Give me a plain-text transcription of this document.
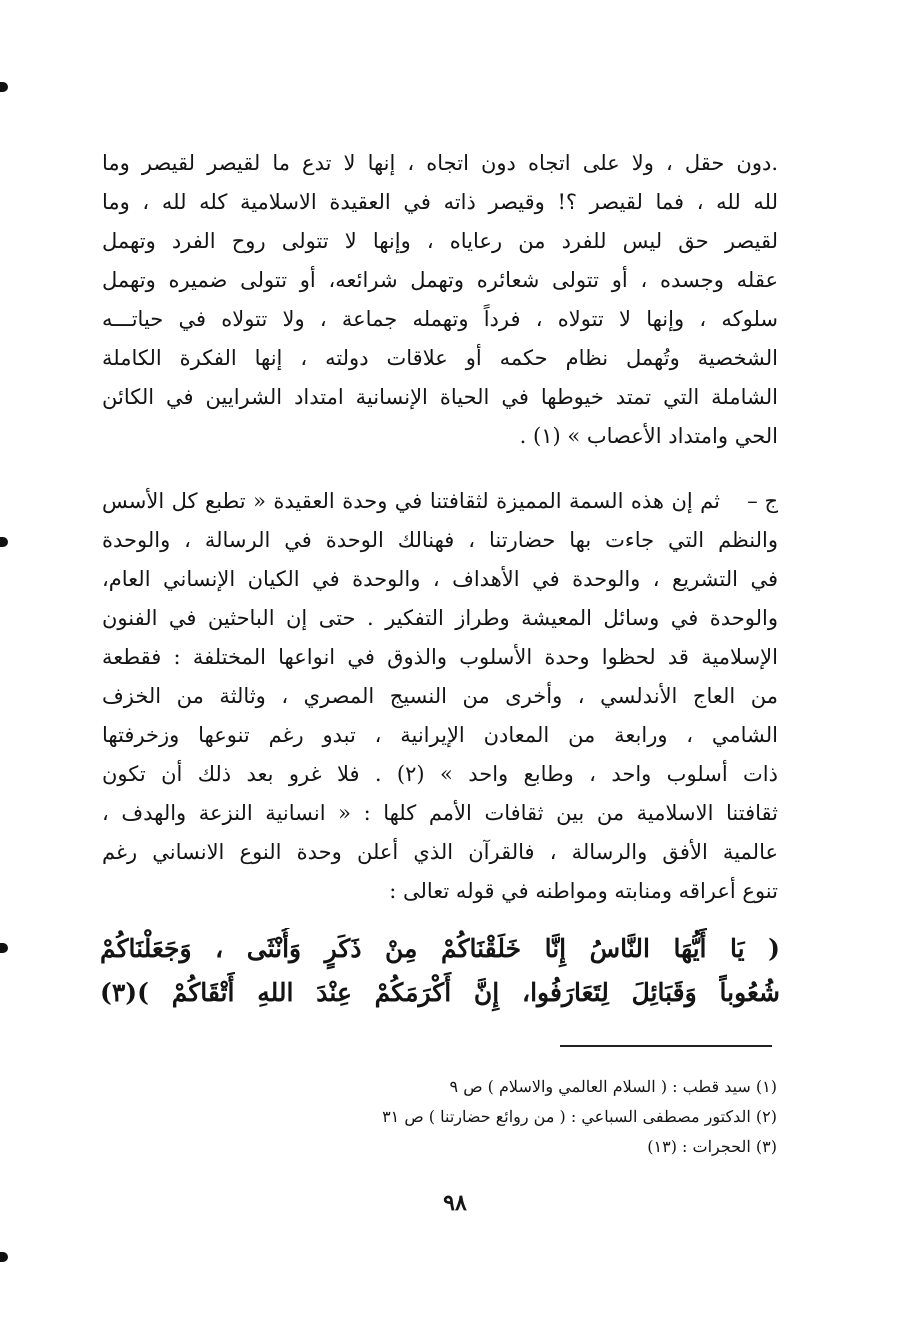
.دون حقل ، ولا على اتجاه دون اتجاه ، إنها لا تدع ما لقيصر لقيصر وما
لله لله ، فما لقيصر ؟! وقيصر ذاته في العقيدة الاسلامية كله لله ، وما
لقيصر حق ليس للفرد من رعاياه ، وإنها لا تتولى روح الفرد وتهمل
عقله وجسده ، أو تتولى شعائره وتهمل شرائعه، أو تتولى ضميره وتهمل
سلوكه ، وإنها لا تتولاه ، فرداً وتهمله جماعة ، ولا تتولاه في حياتـــه
الشخصية وتُهمل نظام حكمه أو علاقات دولته ، إنها الفكرة الكاملة
الشاملة التي تمتد خيوطها في الحياة الإنسانية امتداد الشرايين في الكائن
الحي وامتداد الأعصاب » (١) .
ج –
ثم إن هذه السمة المميزة لثقافتنا في وحدة العقيدة « تطبع كل الأسس
والنظم التي جاءت بها حضارتنا ، فهنالك الوحدة في الرسالة ، والوحدة
في التشريع ، والوحدة في الأهداف ، والوحدة في الكيان الإنساني العام،
والوحدة في وسائل المعيشة وطراز التفكير . حتى إن الباحثين في الفنون
الإسلامية قد لحظوا وحدة الأسلوب والذوق في انواعها المختلفة : فقطعة
من العاج الأندلسي ، وأخرى من النسيج المصري ، وثالثة من الخزف
الشامي ، ورابعة من المعادن الإيرانية ، تبدو رغم تنوعها وزخرفتها
ذات أسلوب واحد ، وطابع واحد » (٢) . فلا غرو بعد ذلك أن تكون
ثقافتنا الاسلامية من بين ثقافات الأمم كلها : « انسانية النزعة والهدف ،
عالمية الأفق والرسالة ، فالقرآن الذي أعلن وحدة النوع الانساني رغم
تنوع أعراقه ومنابته ومواطنه في قوله تعالى :
( يَا أَيُّهَا النَّاسُ إِنَّا خَلَقْنَاكُمْ مِنْ ذَكَرٍ وَأُنْثَى ، وَجَعَلْنَاكُمْ
شُعُوباً وَقَبَائِلَ لِتَعَارَفُوا، إِنَّ أَكْرَمَكُمْ عِنْدَ اللهِ أَتْقَاكُمْ )(٣)
(١) سيد قطب : ( السلام العالمي والاسلام ) ص ٩
(٢) الدكتور مصطفى السباعي : ( من روائع حضارتنا ) ص ٣١
(٣) الحجرات : (١٣)
٩٨
